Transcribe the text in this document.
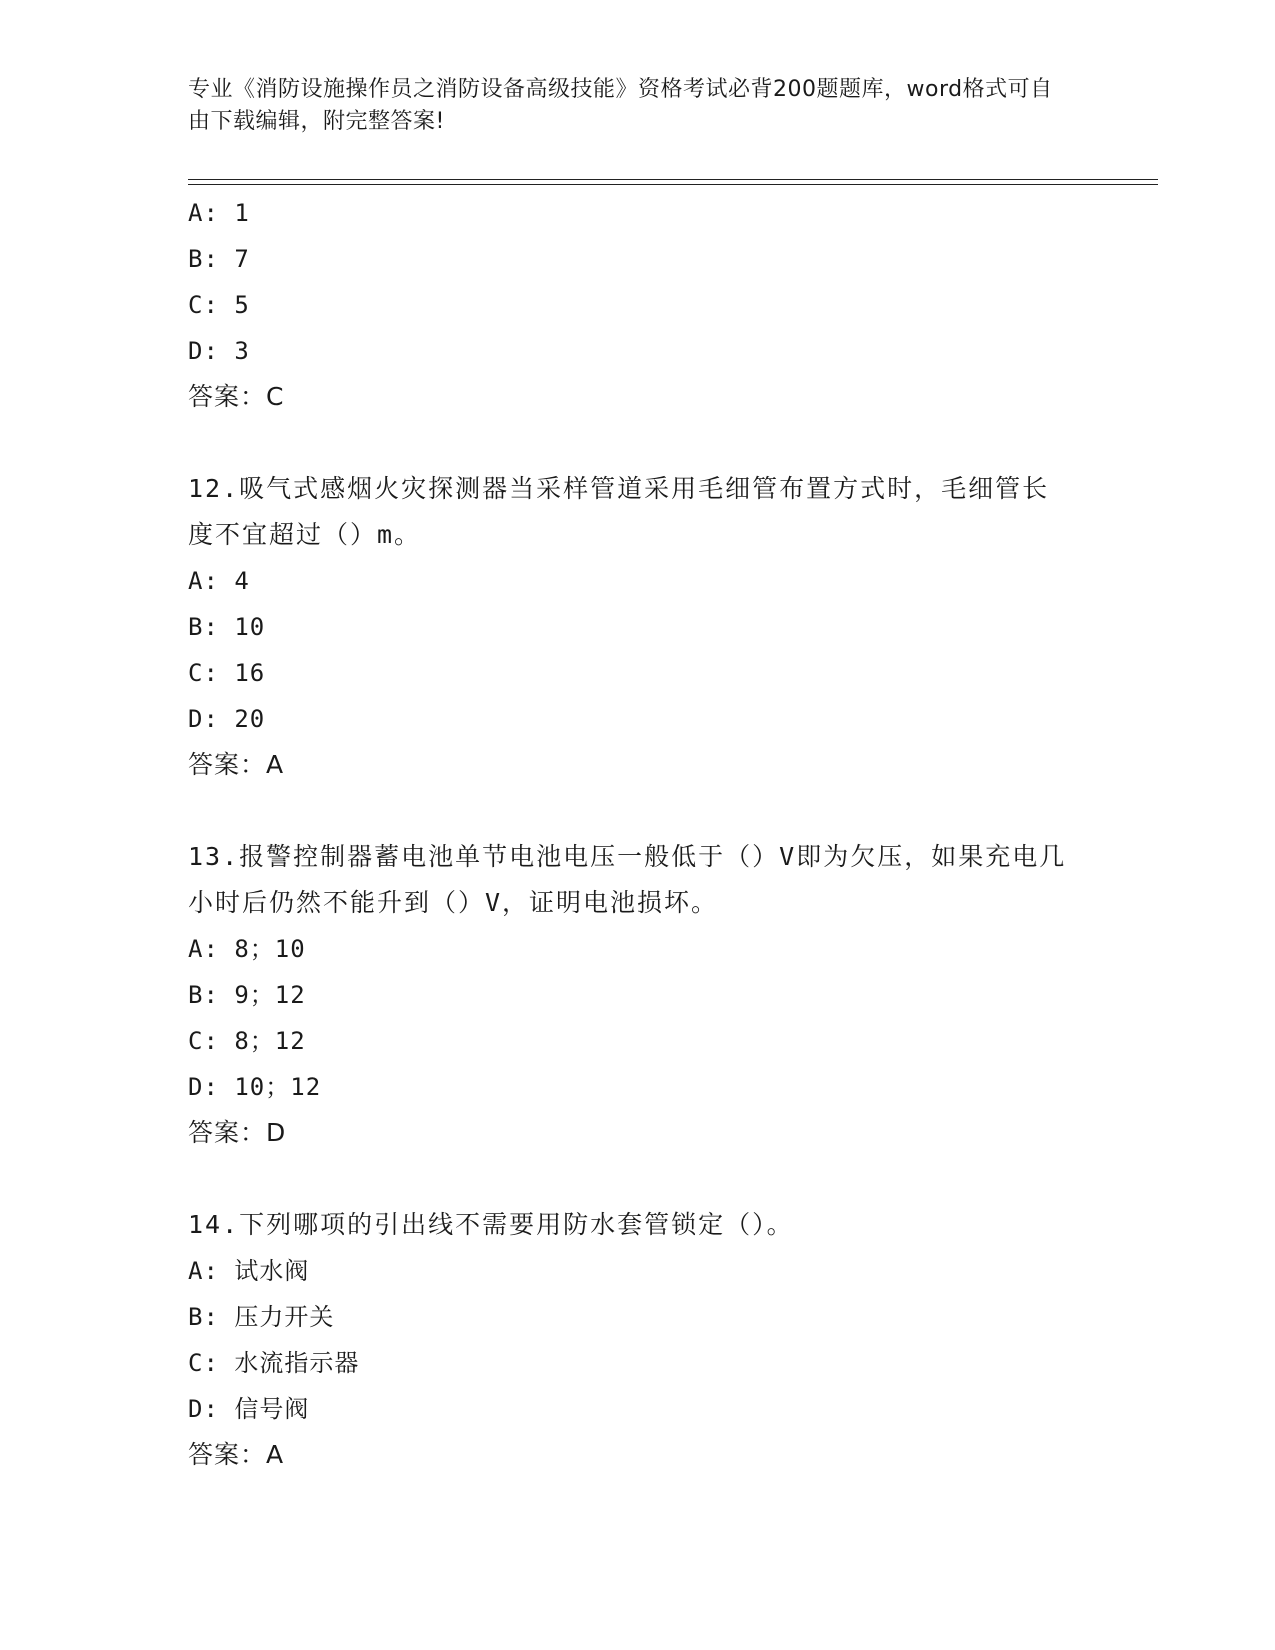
专业《消防设施操作员之消防设备高级技能》资格考试必背200题题库，word格式可自由下载编辑，附完整答案!
A: 1
B: 7
C: 5
D: 3
答案：C
12.吸气式感烟火灾探测器当采样管道采用毛细管布置方式时，毛细管长度不宜超过（）m。
A: 4
B: 10
C: 16
D: 20
答案：A
13.报警控制器蓄电池单节电池电压一般低于（）V即为欠压，如果充电几小时后仍然不能升到（）V，证明电池损坏。
A: 8；10
B: 9；12
C: 8；12
D: 10；12
答案：D
14.下列哪项的引出线不需要用防水套管锁定（）。
A: 试水阀
B: 压力开关
C: 水流指示器
D: 信号阀
答案：A
